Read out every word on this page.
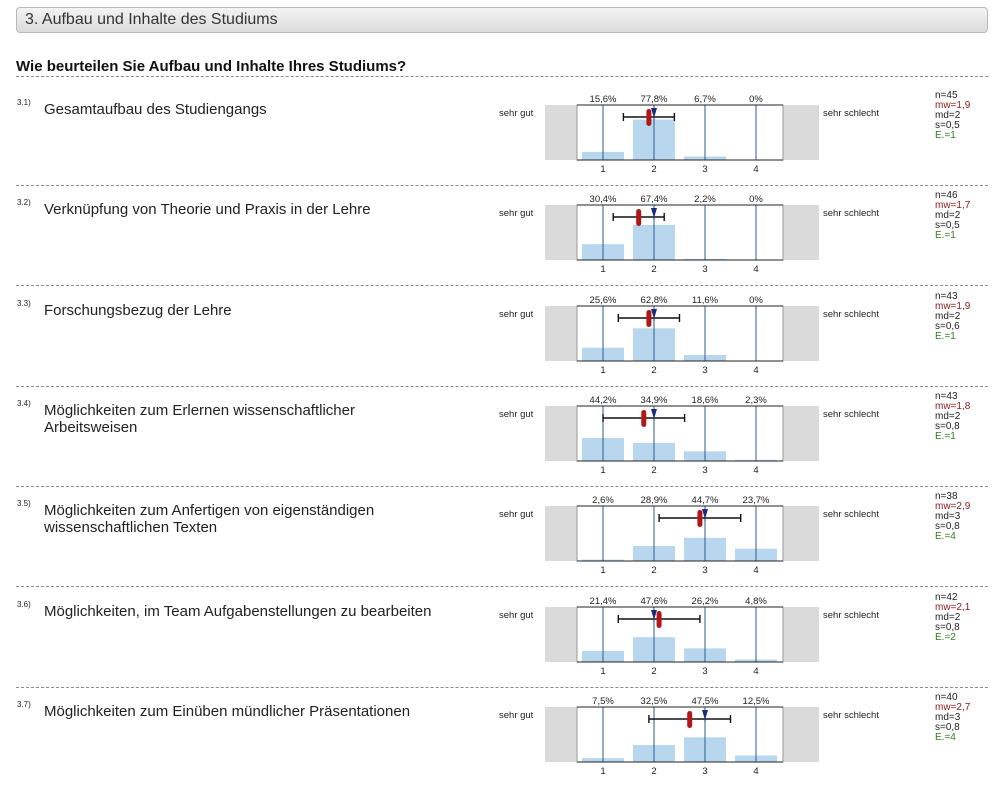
3. Aufbau und Inhalte des Studiums
Wie beurteilen Sie Aufbau und Inhalte Ihres Studiums?
3.1) Gesamtaufbau des Studiengangs
n=45
mw=1,9
md=2
s=0,5
E.=1
sehr gut	sehr schlecht
15,6%	77,8%	6,7%	0%
1	2	3	4
3.2) Verknüpfung von Theorie und Praxis in der Lehre
n=46
mw=1,7
md=2
s=0,5
E.=1
sehr gut	sehr schlecht
30,4%	67,4%	2,2%	0%
1	2	3	4
3.3) Forschungsbezug der Lehre
n=43
mw=1,9
md=2
s=0,6
E.=1
sehr gut	sehr schlecht
25,6%	62,8%	11,6%	0%
1	2	3	4
3.4) Möglichkeiten zum Erlernen wissenschaftlicher Arbeitsweisen
n=43
mw=1,8
md=2
s=0,8
E.=1
sehr gut	sehr schlecht
44,2%	34,9%	18,6%	2,3%
1	2	3	4
3.5) Möglichkeiten zum Anfertigen von eigenständigen wissenschaftlichen Texten
n=38
mw=2,9
md=3
s=0,8
E.=4
sehr gut	sehr schlecht
2,6%	28,9%	44,7%	23,7%
1	2	3	4
3.6) Möglichkeiten, im Team Aufgabenstellungen zu bearbeiten
n=42
mw=2,1
md=2
s=0,8
E.=2
sehr gut	sehr schlecht
21,4%	47,6%	26,2%	4,8%
1	2	3	4
3.7) Möglichkeiten zum Einüben mündlicher Präsentationen
n=40
mw=2,7
md=3
s=0,8
E.=4
sehr gut	sehr schlecht
7,5%	32,5%	47,5%	12,5%
1	2	3	4
